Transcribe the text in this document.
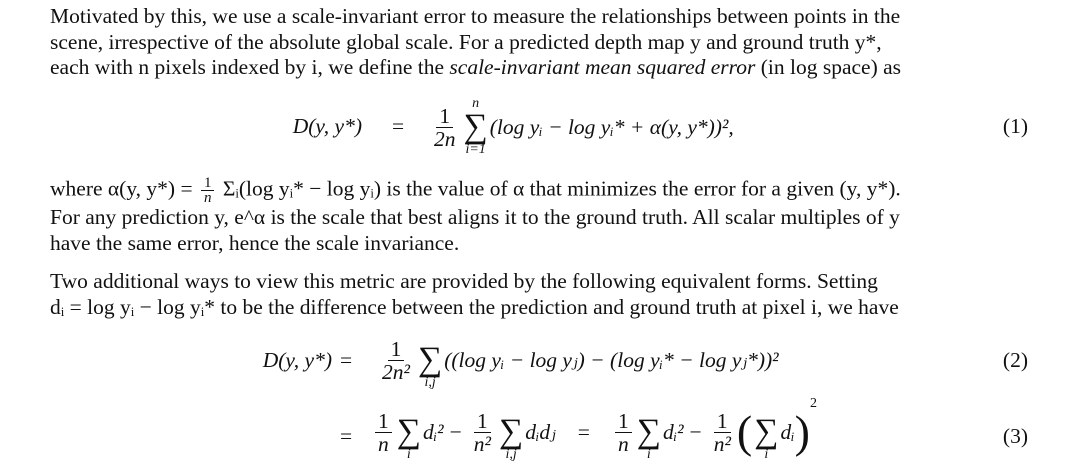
Motivated by this, we use a scale-invariant error to measure the relationships between points in the
scene, irrespective of the absolute global scale. For a predicted depth map y and ground truth y*,
each with n pixels indexed by i, we define the scale-invariant mean squared error (in log space) as
D(y, $y*) = \frac{1}{2n}$
n
∑
i=1
(log yᵢ − log yᵢ* + α(y, y*))²,	(1)
where α(y, $y*) = \frac{1}{n}$ Σᵢ(log yᵢ* − log yᵢ) is the value of α that minimizes the error for a given (y, y*).
For any prediction y, e^α is the scale that best aligns it to the ground truth. All scalar multiples of y
have the same error, hence the scale invariance.
Two additional ways to view this metric are provided by the following equivalent forms. Setting
dᵢ = log yᵢ − log yᵢ* to be the difference between the prediction and ground truth at pixel i, we have
D(y, $y*) = \frac{1}{\text{2n²}}$ ∑
i,j
((log yᵢ − log yⱼ) − (log yᵢ* − log yⱼ*))²	(2)
= $\frac{1}{n}$ ∑
i
dᵢ² − $\frac{1}{\text{n²}}$ ∑
i,j
dᵢdⱼ = $\frac{1}{n}$ ∑
i
dᵢ² − $\frac{1}{\text{n²}}$ ( ∑
i
dᵢ )
2
(3)
